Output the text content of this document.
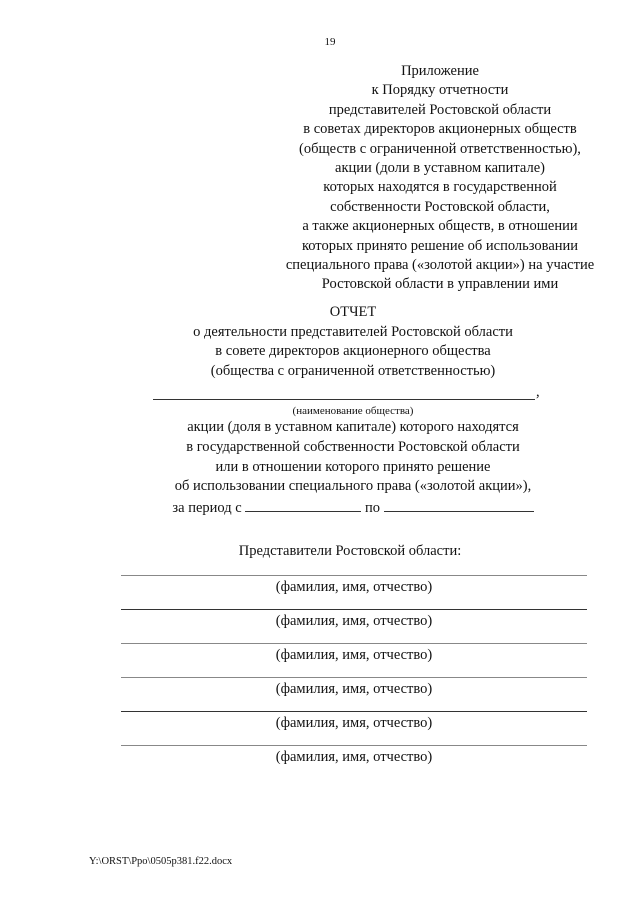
19
Приложение
к Порядку отчетности
представителей Ростовской области
в советах директоров акционерных обществ
(обществ с ограниченной ответственностью),
акции (доли в уставном капитале)
которых находятся в государственной
собственности Ростовской области,
а также акционерных обществ, в отношении
которых принято решение об использовании
специального права («золотой акции») на участие
Ростовской области в управлении ими
ОТЧЕТ
о деятельности представителей Ростовской области
в совете директоров акционерного общества
(общества с ограниченной ответственностью)
,
(наименование общества)
акции (доля в уставном капитале) которого находятся
в государственной собственности Ростовской области
или в отношении которого принято решение
об использовании специального права («золотой акции»),
за период с	по
Представители Ростовской области:
(фамилия, имя, отчество)
(фамилия, имя, отчество)
(фамилия, имя, отчество)
(фамилия, имя, отчество)
(фамилия, имя, отчество)
(фамилия, имя, отчество)
Y:\ORST\Ppo\0505p381.f22.docx
